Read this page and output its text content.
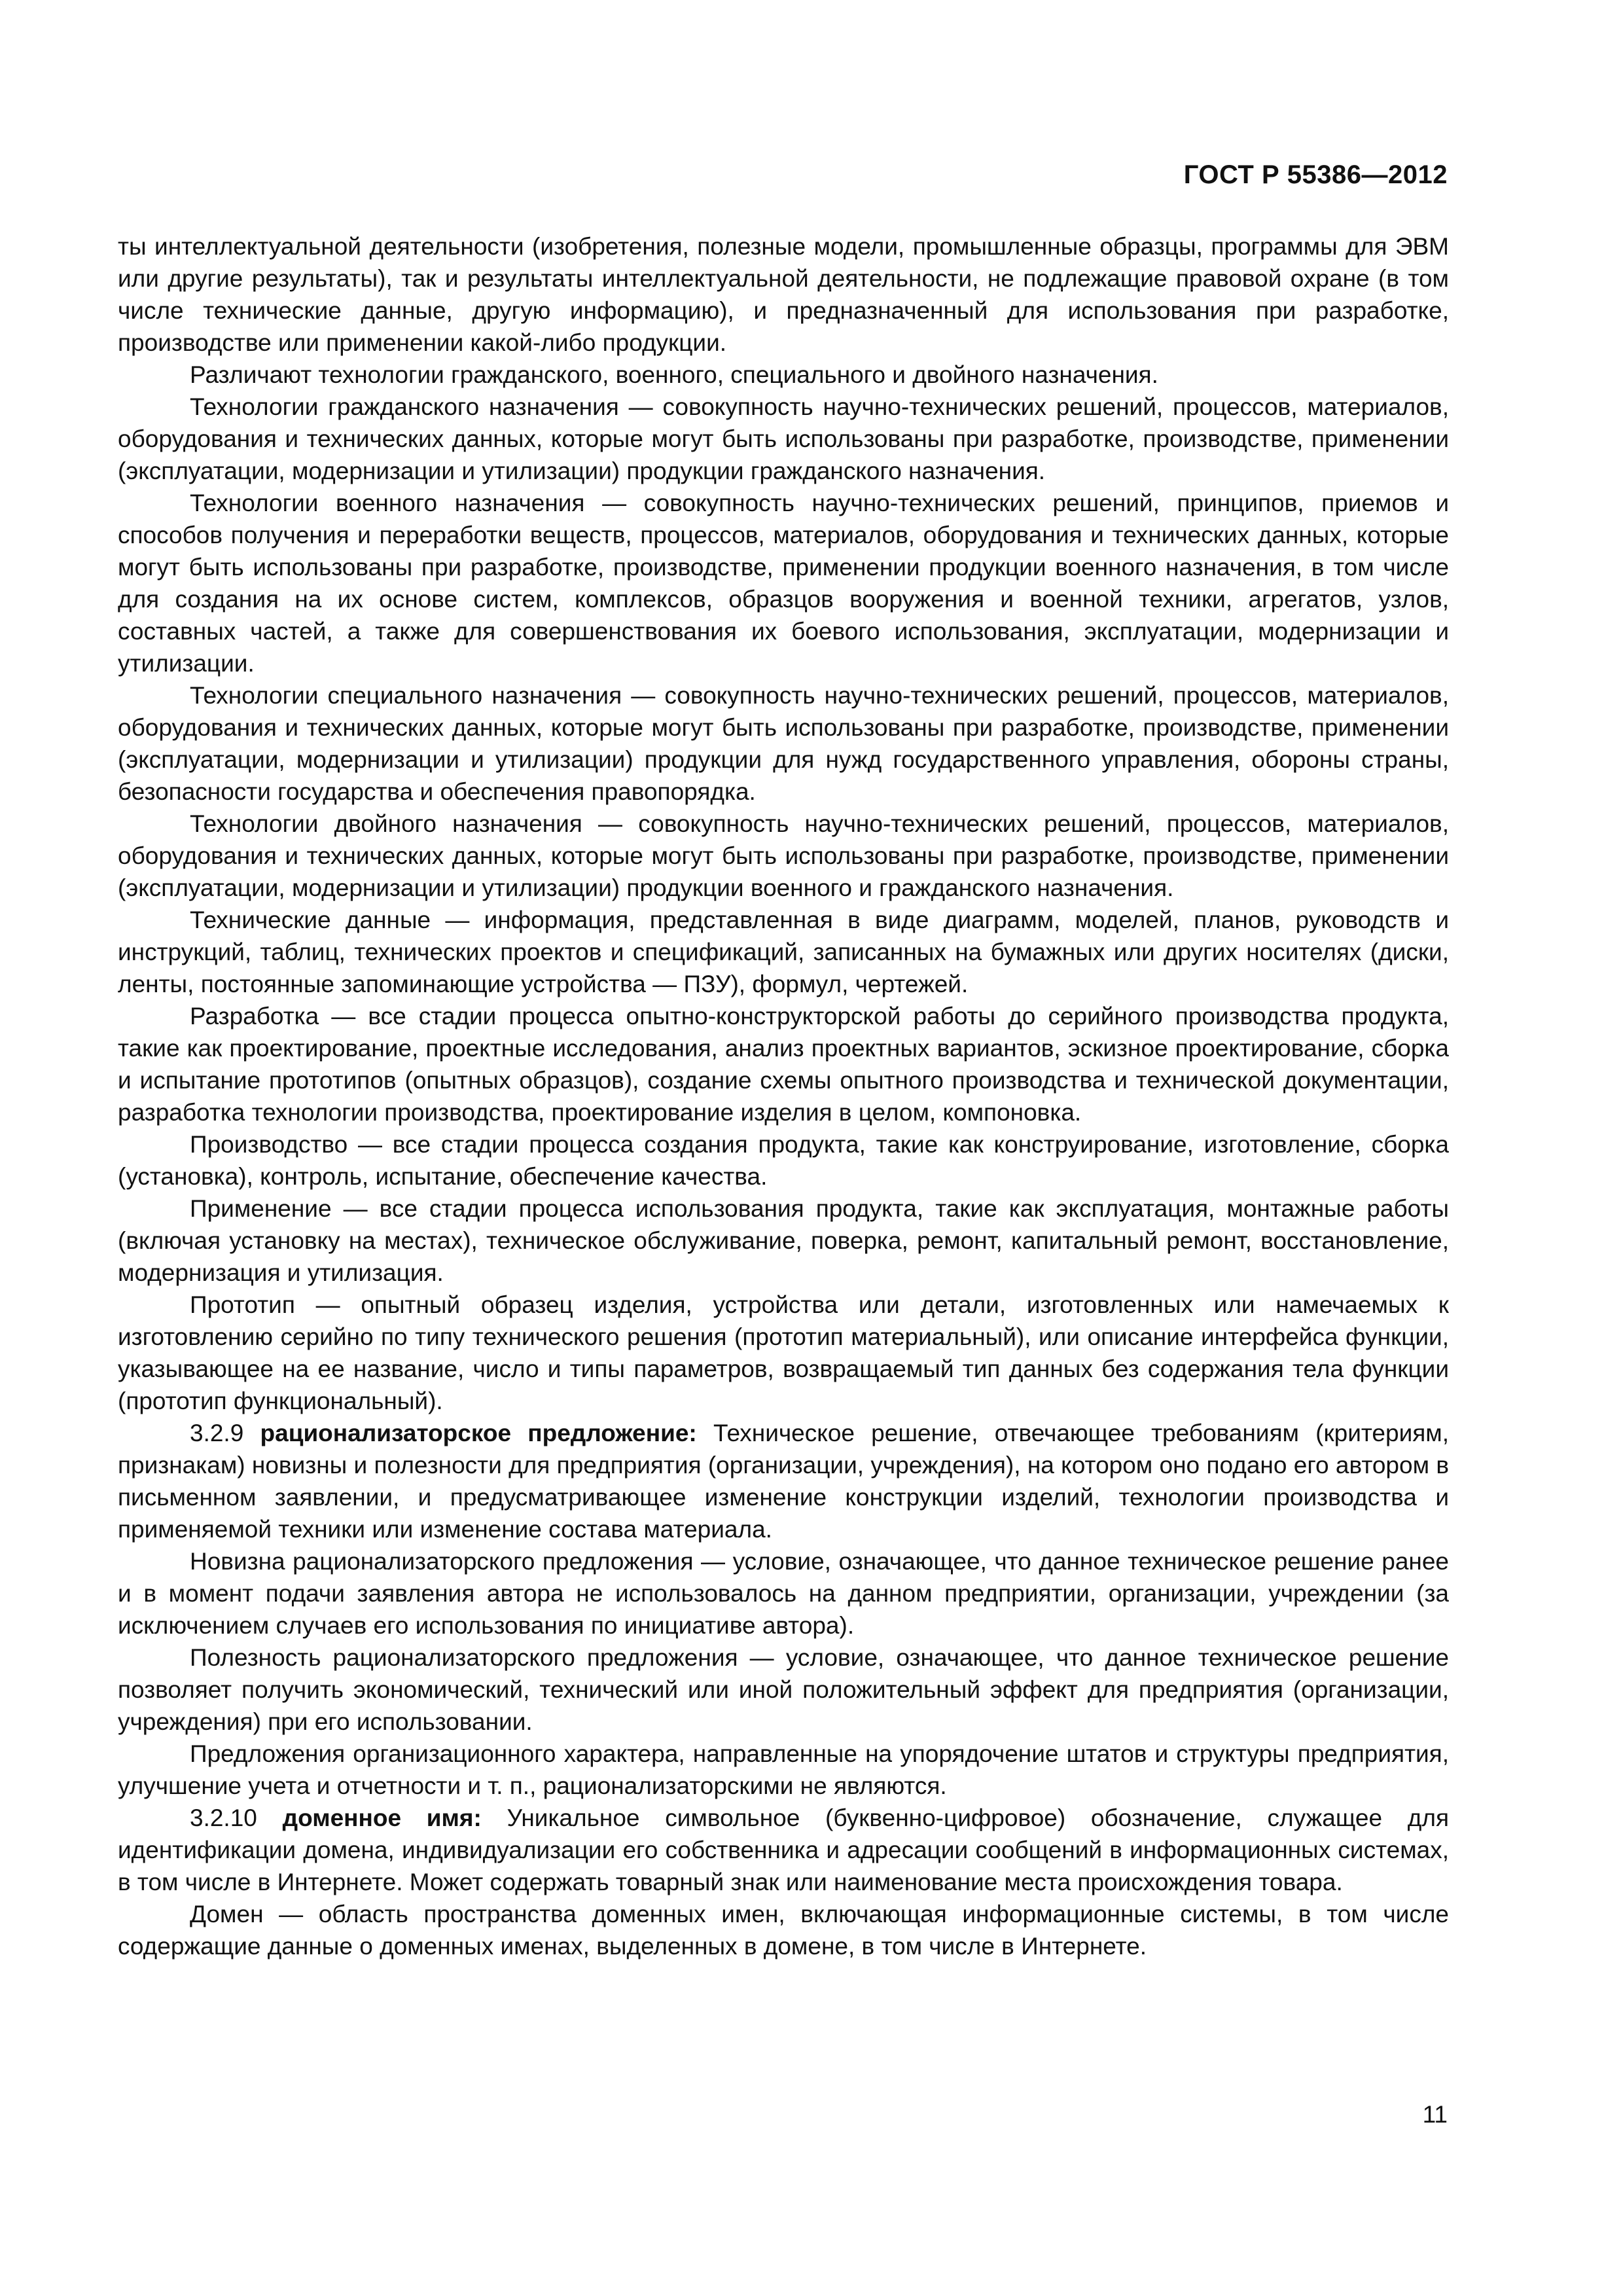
ГОСТ Р 55386—2012

ты интеллектуальной деятельности (изобретения, полезные модели, промышленные образцы, программы для ЭВМ или другие результаты), так и результаты интеллектуальной деятельности, не подлежащие правовой охране (в том числе технические данные, другую информацию), и предназначенный для использования при разработке, производстве или применении какой-либо продукции.

Различают технологии гражданского, военного, специального и двойного назначения.

Технологии гражданского назначения — совокупность научно-технических решений, процессов, материалов, оборудования и технических данных, которые могут быть использованы при разработке, производстве, применении (эксплуатации, модернизации и утилизации) продукции гражданского назначения.

Технологии военного назначения — совокупность научно-технических решений, принципов, приемов и способов получения и переработки веществ, процессов, материалов, оборудования и технических данных, которые могут быть использованы при разработке, производстве, применении продукции военного назначения, в том числе для создания на их основе систем, комплексов, образцов вооружения и военной техники, агрегатов, узлов, составных частей, а также для совершенствования их боевого использования, эксплуатации, модернизации и утилизации.

Технологии специального назначения — совокупность научно-технических решений, процессов, материалов, оборудования и технических данных, которые могут быть использованы при разработке, производстве, применении (эксплуатации, модернизации и утилизации) продукции для нужд государственного управления, обороны страны, безопасности государства и обеспечения правопорядка.

Технологии двойного назначения — совокупность научно-технических решений, процессов, материалов, оборудования и технических данных, которые могут быть использованы при разработке, производстве, применении (эксплуатации, модернизации и утилизации) продукции военного и гражданского назначения.

Технические данные — информация, представленная в виде диаграмм, моделей, планов, руководств и инструкций, таблиц, технических проектов и спецификаций, записанных на бумажных или других носителях (диски, ленты, постоянные запоминающие устройства — ПЗУ), формул, чертежей.

Разработка — все стадии процесса опытно-конструкторской работы до серийного производства продукта, такие как проектирование, проектные исследования, анализ проектных вариантов, эскизное проектирование, сборка и испытание прототипов (опытных образцов), создание схемы опытного производства и технической документации, разработка технологии производства, проектирование изделия в целом, компоновка.

Производство — все стадии процесса создания продукта, такие как конструирование, изготовление, сборка (установка), контроль, испытание, обеспечение качества.

Применение — все стадии процесса использования продукта, такие как эксплуатация, монтажные работы (включая установку на местах), техническое обслуживание, поверка, ремонт, капитальный ремонт, восстановление, модернизация и утилизация.

Прототип — опытный образец изделия, устройства или детали, изготовленных или намечаемых к изготовлению серийно по типу технического решения (прототип материальный), или описание интерфейса функции, указывающее на ее название, число и типы параметров, возвращаемый тип данных без содержания тела функции (прототип функциональный).

3.2.9 рационализаторское предложение: Техническое решение, отвечающее требованиям (критериям, признакам) новизны и полезности для предприятия (организации, учреждения), на котором оно подано его автором в письменном заявлении, и предусматривающее изменение конструкции изделий, технологии производства и применяемой техники или изменение состава материала.

Новизна рационализаторского предложения — условие, означающее, что данное техническое решение ранее и в момент подачи заявления автора не использовалось на данном предприятии, организации, учреждении (за исключением случаев его использования по инициативе автора).

Полезность рационализаторского предложения — условие, означающее, что данное техническое решение позволяет получить экономический, технический или иной положительный эффект для предприятия (организации, учреждения) при его использовании.

Предложения организационного характера, направленные на упорядочение штатов и структуры предприятия, улучшение учета и отчетности и т. п., рационализаторскими не являются.

3.2.10 доменное имя: Уникальное символьное (буквенно-цифровое) обозначение, служащее для идентификации домена, индивидуализации его собственника и адресации сообщений в информационных системах, в том числе в Интернете. Может содержать товарный знак или наименование места происхождения товара.

Домен — область пространства доменных имен, включающая информационные системы, в том числе содержащие данные о доменных именах, выделенных в домене, в том числе в Интернете.

11
